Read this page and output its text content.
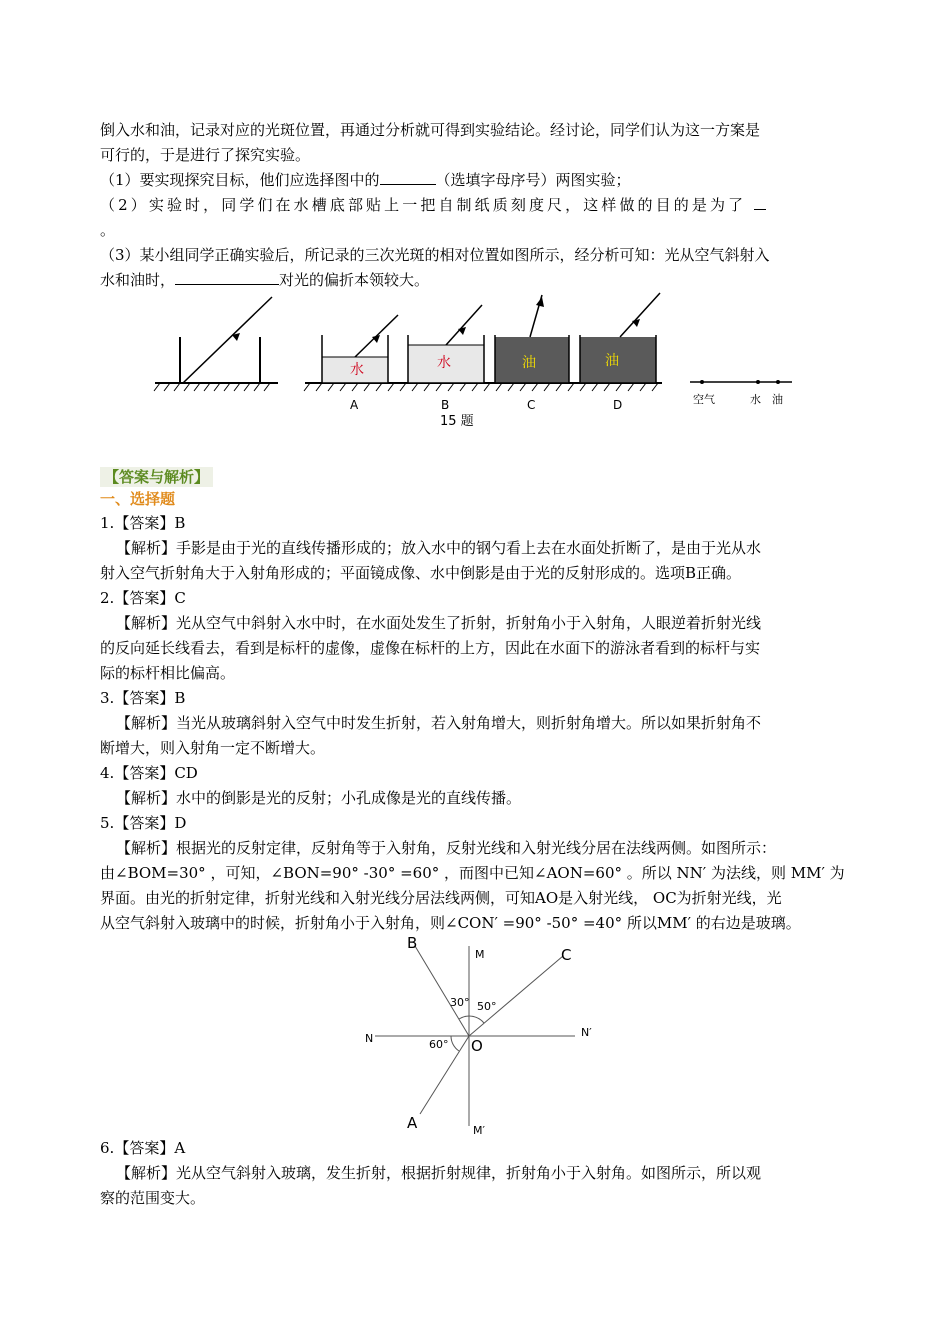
倒入水和油，记录对应的光斑位置，再通过分析就可得到实验结论。经讨论，同学们认为这一方案是

可行的，于是进行了探究实验。

（1）要实现探究目标，他们应选择图中的	（选填字母序号）两图实验；

（2）实验时，同学们在水槽底部贴上一把自制纸质刻度尺，这样做的目的是为了

。

（3）某小组同学正确实验后，所记录的三次光斑的相对位置如图所示，经分析可知：光从空气斜射入

水和油时，	对光的偏折本领较大。

水	水	油	油
A	B	C	D	空气	水 油
15 题
【答案与解析】
一、选择题

1.【答案】B

【解析】手影是由于光的直线传播形成的；放入水中的钢勺看上去在水面处折断了，是由于光从水

射入空气折射角大于入射角形成的；平面镜成像、水中倒影是由于光的反射形成的。选项B正确。

2.【答案】C

【解析】光从空气中斜射入水中时，在水面处发生了折射，折射角小于入射角，人眼逆着折射光线

的反向延长线看去，看到是标杆的虚像，虚像在标杆的上方，因此在水面下的游泳者看到的标杆与实

际的标杆相比偏高。

3.【答案】B

【解析】当光从玻璃斜射入空气中时发生折射，若入射角增大，则折射角增大。所以如果折射角不

断增大，则入射角一定不断增大。

4.【答案】CD

【解析】水中的倒影是光的反射；小孔成像是光的直线传播。

5.【答案】D

【解析】根据光的反射定律，反射角等于入射角，反射光线和入射光线分居在法线两侧。如图所示：

由∠BOM=30° ，可知，∠BON=90° -30° =60° ，而图中已知∠AON=60° 。所以 NN′ 为法线，则 MM′ 为

界面。由光的折射定律，折射光线和入射光线分居法线两侧，可知AO是入射光线， OC为折射光线，光

从空气斜射入玻璃中的时候，折射角小于入射角，则∠CON′ =90° -50° =40° 所以MM′ 的右边是玻璃。

B
M	C
N	N′
O
A	M′
30° 50°
60°

6.【答案】A

【解析】光从空气斜射入玻璃，发生折射，根据折射规律，折射角小于入射角。如图所示，所以观

察的范围变大。
